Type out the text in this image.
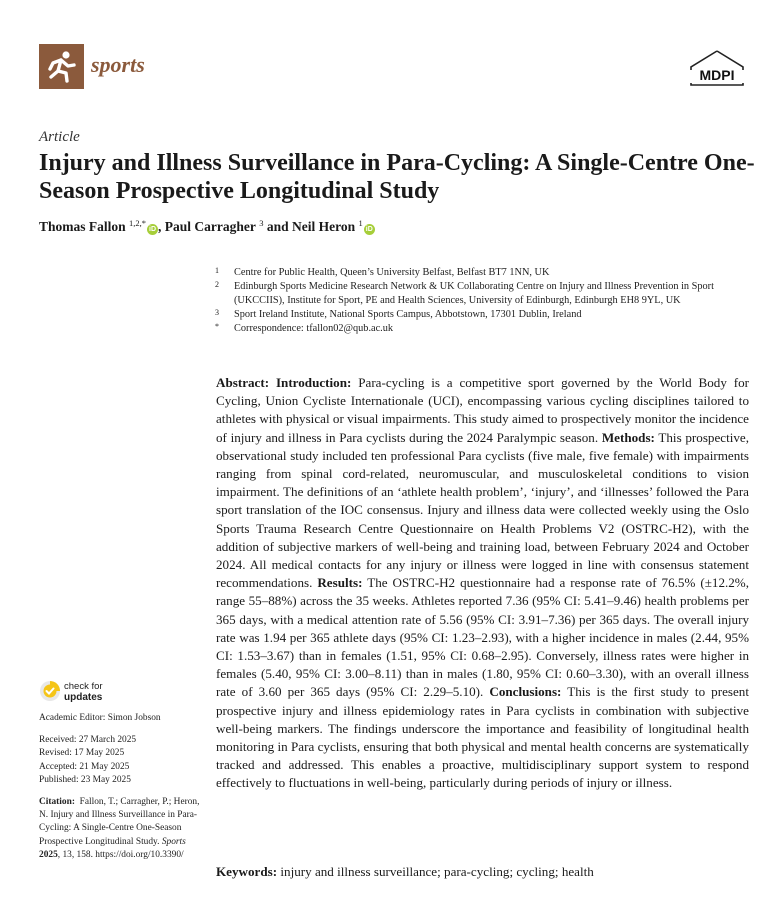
sports	MDPI
Article
Injury and Illness Surveillance in Para-Cycling: A Single-Centre One-Season Prospective Longitudinal Study
Thomas Fallon $^{1,2,*}$iD , Paul Carragher $^3$ and Neil Heron $^1$iD
1 Centre for Public Health, Queen’s University Belfast, Belfast BT7 1NN, UK
2 Edinburgh Sports Medicine Research Network & UK Collaborating Centre on Injury and Illness Prevention in Sport (UKCCIIS), Institute for Sport, PE and Health Sciences, University of Edinburgh, Edinburgh EH8 9YL, UK
3 Sport Ireland Institute, National Sports Campus, Abbotstown, 17301 Dublin, Ireland
* Correspondence: tfallon02@qub.ac.uk
Abstract: Introduction: Para-cycling is a competitive sport governed by the World Body for Cycling, Union Cycliste Internationale (UCI), encompassing various cycling disciplines tailored to athletes with physical or visual impairments. This study aimed to prospectively monitor the incidence of injury and illness in Para cyclists during the 2024 Paralympic season. Methods: This prospective, observational study included ten professional Para cyclists (five male, five female) with impairments ranging from spinal cord-related, neuromuscular, and musculoskeletal conditions to vision impairment. The definitions of an ‘athlete health problem’, ‘injury’, and ‘illnesses’ followed the Para sport translation of the IOC consensus. Injury and illness data were collected weekly using the Oslo Sports Trauma Research Centre Questionnaire on Health Problems V2 (OSTRC-H2), with the addition of subjective markers of well-being and training load, between February 2024 and October 2024. All medical contacts for any injury or illness were logged in line with consensus statement recommendations. Results: The OSTRC-H2 questionnaire had a response rate of 76.5% (±12.2%, range 55–88%) across the 35 weeks. Athletes reported 7.36 (95% CI: 5.41–9.46) health problems per 365 days, with a medical attention rate of 5.56 (95% CI: 3.91–7.36) per 365 days. The overall injury rate was 1.94 per 365 athlete days (95% CI: 1.23–2.93), with a higher incidence in males (2.44, 95% CI: 1.53–3.67) than in females (1.51, 95% CI: 0.68–2.95). Conversely, illness rates were higher in females (5.40, 95% CI: 3.00–8.11) than in males (1.80, 95% CI: 0.60–3.30), with an overall illness rate of 3.60 per 365 days (95% CI: 2.29–5.10). Conclusions: This is the first study to present prospective injury and illness epidemiology rates in Para cyclists in combination with subjective well-being markers. The findings underscore the importance and feasibility of longitudinal health monitoring in Para cyclists, ensuring that both physical and mental health concerns are systematically tracked and addressed. This enables a proactive, multidisciplinary support system to respond effectively to fluctuations in well-being, particularly during periods of injury or illness.
Keywords: injury and illness surveillance; para-cycling; cycling; health
check for
updates
Academic Editor: Simon Jobson
Received: 27 March 2025
Revised: 17 May 2025
Accepted: 21 May 2025
Published: 23 May 2025
Citation: Fallon, T.; Carragher, P.; Heron, N. Injury and Illness Surveillance in Para-Cycling: A Single-Centre One-Season Prospective Longitudinal Study. Sports 2025, 13, 158. https://doi.org/10.3390/
